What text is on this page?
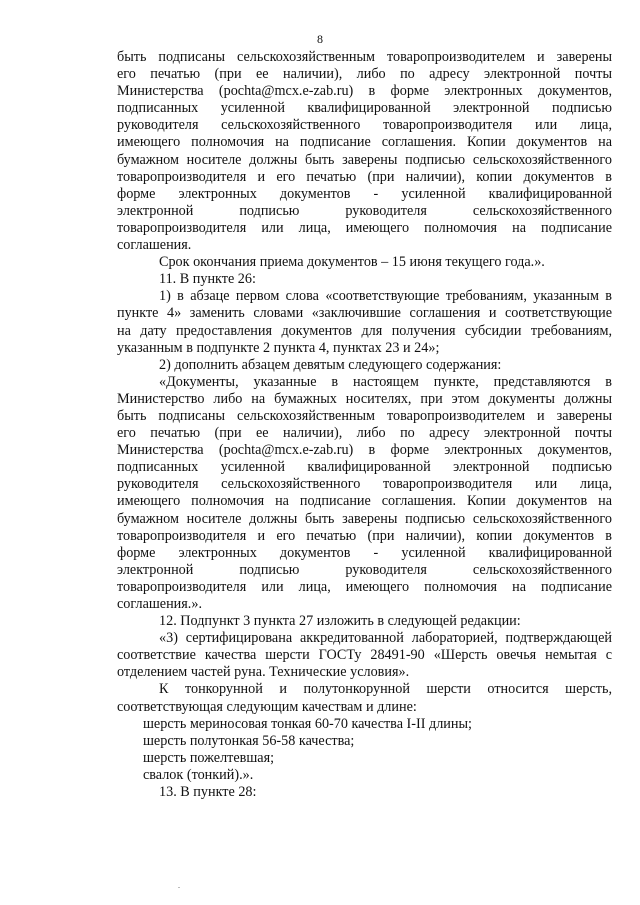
8
быть подписаны сельскохозяйственным товаропроизводителем и заверены
его печатью (при ее наличии), либо по адресу электронной почты
Министерства (pochta@mcx.e-zab.ru) в форме электронных документов,
подписанных усиленной квалифицированной электронной подписью
руководителя сельскохозяйственного товаропроизводителя или лица,
имеющего полномочия на подписание соглашения. Копии документов на
бумажном носителе должны быть заверены подписью сельскохозяйственного
товаропроизводителя и его печатью (при наличии), копии документов в
форме электронных документов - усиленной квалифицированной
электронной подписью руководителя сельскохозяйственного
товаропроизводителя или лица, имеющего полномочия на подписание
соглашения.
Срок окончания приема документов – 15 июня текущего года.».
11. В пункте 26:
1) в абзаце первом слова «соответствующие требованиям, указанным в
пункте 4» заменить словами «заключившие соглашения и соответствующие
на дату предоставления документов для получения субсидии требованиям,
указанным в подпункте 2 пункта 4, пунктах 23 и 24»;
2) дополнить абзацем девятым следующего содержания:
«Документы, указанные в настоящем пункте, представляются в
Министерство либо на бумажных носителях, при этом документы должны
быть подписаны сельскохозяйственным товаропроизводителем и заверены
его печатью (при ее наличии), либо по адресу электронной почты
Министерства (pochta@mcx.e-zab.ru) в форме электронных документов,
подписанных усиленной квалифицированной электронной подписью
руководителя сельскохозяйственного товаропроизводителя или лица,
имеющего полномочия на подписание соглашения. Копии документов на
бумажном носителе должны быть заверены подписью сельскохозяйственного
товаропроизводителя и его печатью (при наличии), копии документов в
форме электронных документов - усиленной квалифицированной
электронной подписью руководителя сельскохозяйственного
товаропроизводителя или лица, имеющего полномочия на подписание
соглашения.».
12. Подпункт 3 пункта 27 изложить в следующей редакции:
«3) сертифицирована аккредитованной лабораторией, подтверждающей
соответствие качества шерсти ГОСТу 28491-90 «Шерсть овечья немытая с
отделением частей руна. Технические условия».
К тонкорунной и полутонкорунной шерсти относится шерсть,
соответствующая следующим качествам и длине:
шерсть мериносовая тонкая 60-70 качества I-II длины;
шерсть полутонкая 56-58 качества;
шерсть пожелтевшая;
свалок (тонкий).».
13. В пункте 28:
